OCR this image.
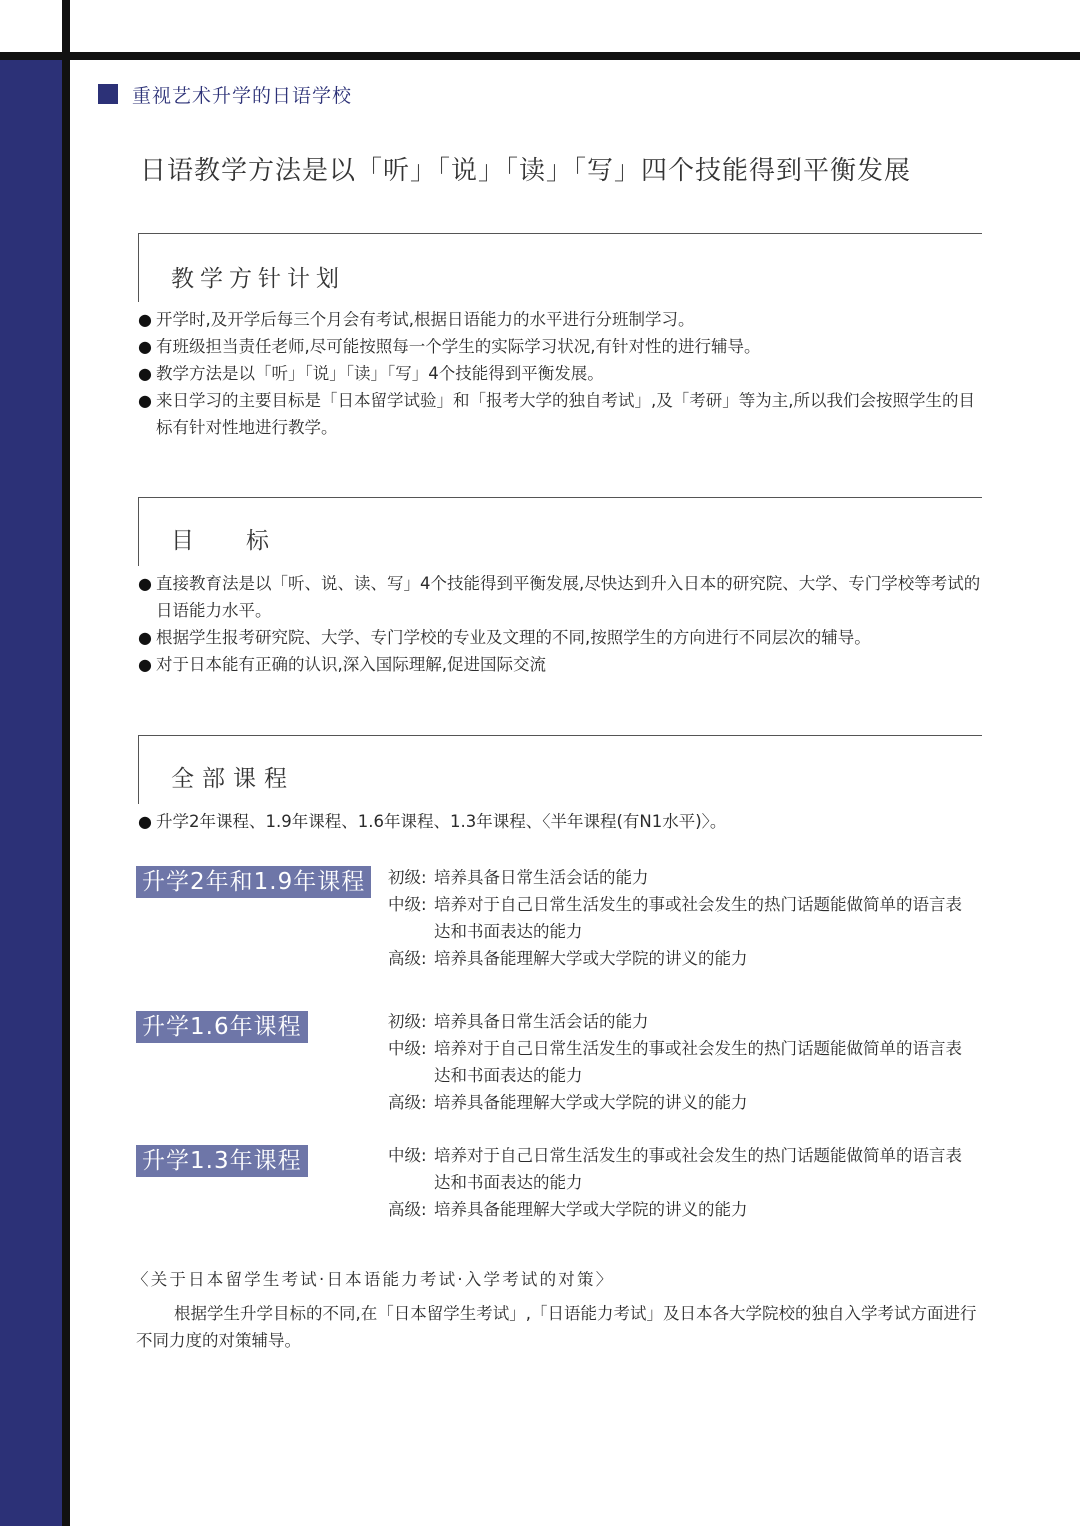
重视艺术升学的日语学校
日语教学方法是以「听」「说」「读」「写」四个技能得到平衡发展
教学方针计划
● 开学时,及开学后每三个月会有考试,根据日语能力的水平进行分班制学习。
● 有班级担当责任老师,尽可能按照每一个学生的实际学习状况,有针对性的进行辅导。
● 教学方法是以「听」「说」「读」「写」4个技能得到平衡发展。
● 来日学习的主要目标是「日本留学试验」和「报考大学的独自考试」,及「考研」等为主,所以我们会按照学生的目标有针对性地进行教学。
目标
● 直接教育法是以「听、说、读、写」4个技能得到平衡发展,尽快达到升入日本的研究院、大学、专门学校等考试的日语能力水平。
● 根据学生报考研究院、大学、专门学校的专业及文理的不同,按照学生的方向进行不同层次的辅导。
● 对于日本能有正确的认识,深入国际理解,促进国际交流
全部课程
● 升学2年课程、1.9年课程、1.6年课程、1.3年课程、〈半年课程(有N1水平)〉。
升学2年和1.9年课程	初级: 培养具备日常生活会话的能力
中级: 培养对于自己日常生活发生的事或社会发生的热门话题能做简单的语言表达和书面表达的能力
高级: 培养具备能理解大学或大学院的讲义的能力
升学1.6年课程	初级: 培养具备日常生活会话的能力
中级: 培养对于自己日常生活发生的事或社会发生的热门话题能做简单的语言表达和书面表达的能力
高级: 培养具备能理解大学或大学院的讲义的能力
升学1.3年课程	中级: 培养对于自己日常生活发生的事或社会发生的热门话题能做简单的语言表达和书面表达的能力
高级: 培养具备能理解大学或大学院的讲义的能力
〈关于日本留学生考试·日本语能力考试·入学考试的对策〉
根据学生升学目标的不同,在「日本留学生考试」,「日语能力考试」及日本各大学院校的独自入学考试方面进行不同力度的对策辅导。
